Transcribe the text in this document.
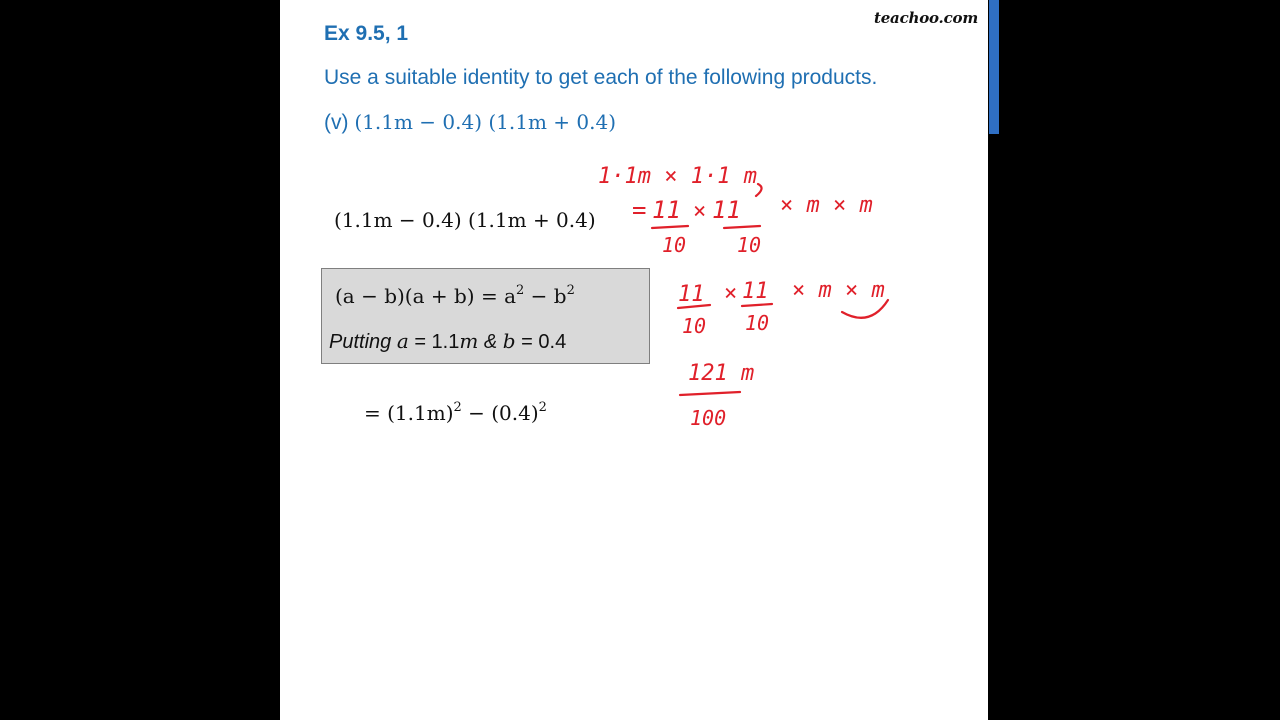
teachoo.com
Ex 9.5, 1
Use a suitable identity to get each of the following products.
(v) (1.1m − 0.4) (1.1m + 0.4)
(1.1m − 0.4) (1.1m + 0.4)
$(a - b)(a + b) = a^2 - b^2$
Putting a = 1.1m & b = 0.4
= $(1.1m)^2 - (0.4)^2$
1·1m × 1·1 m
= 11 × 11 × m × m
10	10
11 × 11 × m × m
10 10
121 m
100
